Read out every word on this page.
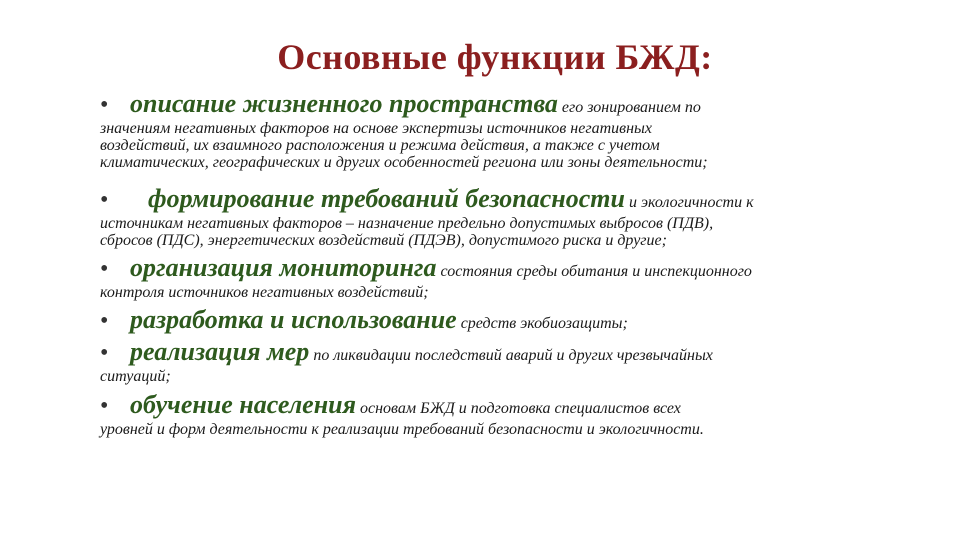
Основные функции БЖД:
• описание жизненного пространства его зонированием по
значениям негативных факторов на основе экспертизы источников негативных
воздействий, их взаимного расположения и режима действия, а также с учетом
климатических, географических и других особенностей региона или зоны деятельности;
• формирование требований безопасности и экологичности к
источникам негативных факторов – назначение предельно допустимых выбросов (ПДВ),
сбросов (ПДС), энергетических воздействий (ПДЭВ), допустимого риска и другие;
• организация мониторинга состояния среды обитания и инспекционного
контроля источников негативных воздействий;
• разработка и использование средств экобиозащиты;
• реализация мер по ликвидации последствий аварий и других чрезвычайных
ситуаций;
• обучение населения основам БЖД и подготовка специалистов всех
уровней и форм деятельности к реализации требований безопасности и экологичности.
